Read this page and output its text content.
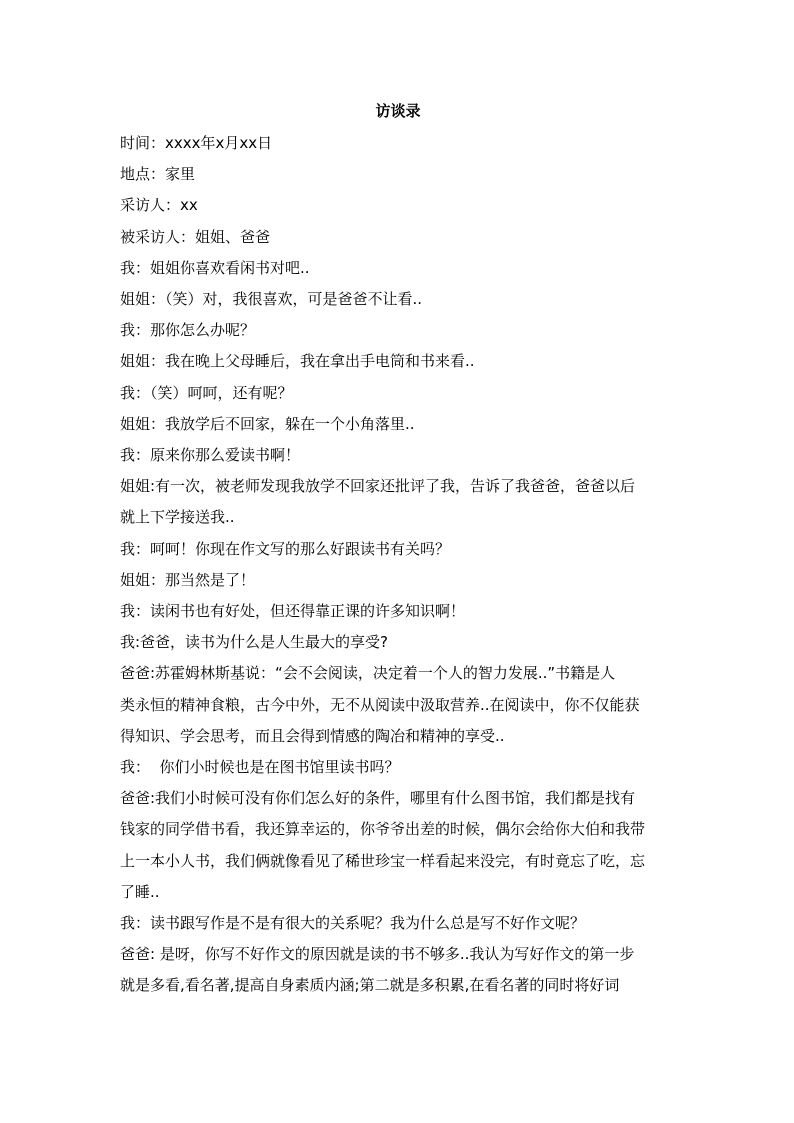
访谈录

时间：xxxx年x月xx日

地点：家里

采访人：xx

被采访人：姐姐、爸爸

我：姐姐你喜欢看闲书对吧..

姐姐：（笑）对，我很喜欢，可是爸爸不让看..

我：那你怎么办呢？

姐姐：我在晚上父母睡后，我在拿出手电筒和书来看..

我：（笑）呵呵，还有呢？

姐姐：我放学后不回家，躲在一个小角落里..

我：原来你那么爱读书啊！

姐姐:有一次，被老师发现我放学不回家还批评了我，告诉了我爸爸，爸爸以后

就上下学接送我..

我：呵呵！你现在作文写的那么好跟读书有关吗？

姐姐：那当然是了！

我：读闲书也有好处，但还得靠正课的许多知识啊！

我:爸爸，读书为什么是人生最大的享受?

爸爸:苏霍姆林斯基说：“会不会阅读，决定着一个人的智力发展..”书籍是人

类永恒的精神食粮，古今中外，无不从阅读中汲取营养..在阅读中，你不仅能获

得知识、学会思考，而且会得到情感的陶冶和精神的享受..

我：  你们小时候也是在图书馆里读书吗？

爸爸:我们小时候可没有你们怎么好的条件，哪里有什么图书馆，我们都是找有

钱家的同学借书看，我还算幸运的，你爷爷出差的时候，偶尔会给你大伯和我带

上一本小人书，我们俩就像看见了稀世珍宝一样看起来没完，有时竟忘了吃，忘

了睡..

我：读书跟写作是不是有很大的关系呢？我为什么总是写不好作文呢？

爸爸: 是呀，你写不好作文的原因就是读的书不够多..我认为写好作文的第一步

就是多看,看名著,提高自身素质内涵;第二就是多积累,在看名著的同时将好词
